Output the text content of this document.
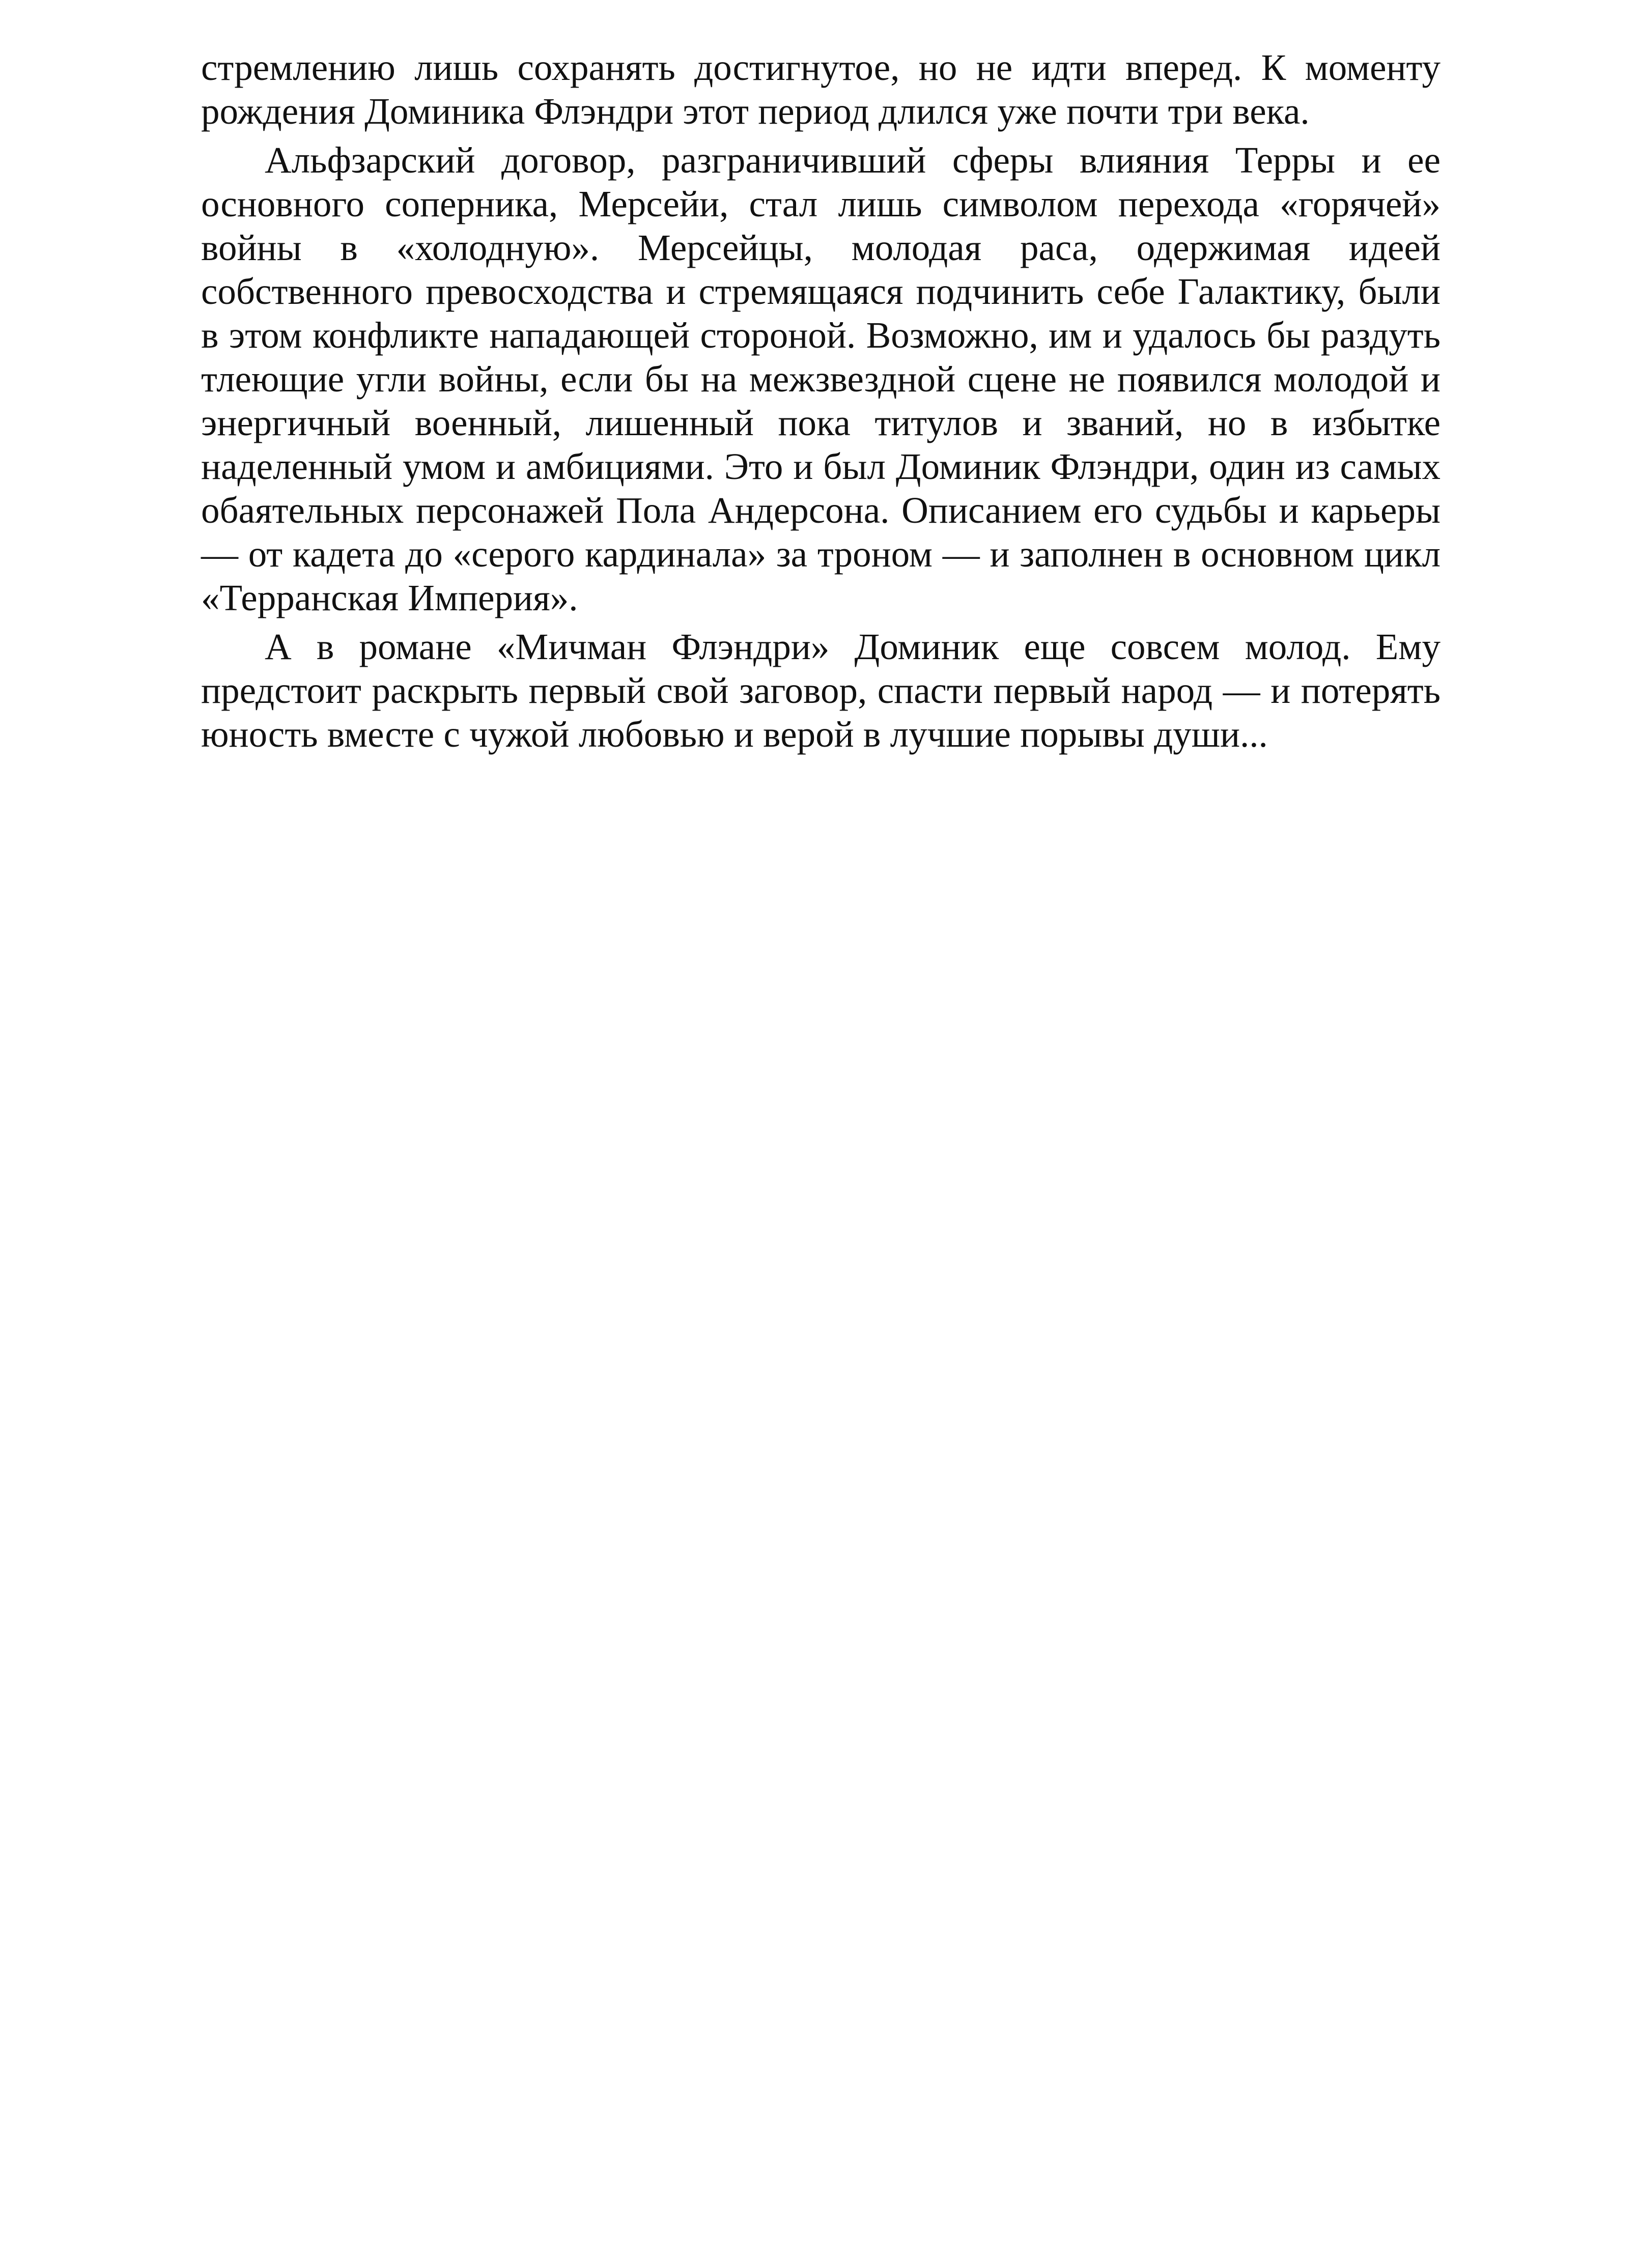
стремлению лишь сохранять достигнутое, но не идти вперед. К моменту рождения Доминика Флэндри этот период длился уже почти три века.

Альфзарский договор, разграничивший сферы влияния Терры и ее основного соперника, Мерсейи, стал лишь символом перехода «горячей» войны в «холодную». Мерсейцы, молодая раса, одержимая идеей собственного превосходства и стремящаяся подчинить себе Галактику, были в этом конфликте нападающей стороной. Возможно, им и удалось бы раздуть тлеющие угли войны, если бы на межзвездной сцене не появился молодой и энергичный военный, лишенный пока титулов и званий, но в избытке наделенный умом и амбициями. Это и был Доминик Флэндри, один из самых обаятельных персонажей Пола Андерсона. Описанием его судьбы и карьеры — от кадета до «серого кардинала» за троном — и заполнен в основном цикл «Терранская Империя».

А в романе «Мичман Флэндри» Доминик еще совсем молод. Ему предстоит раскрыть первый свой заговор, спасти первый народ — и потерять юность вместе с чужой любовью и верой в лучшие порывы души...
